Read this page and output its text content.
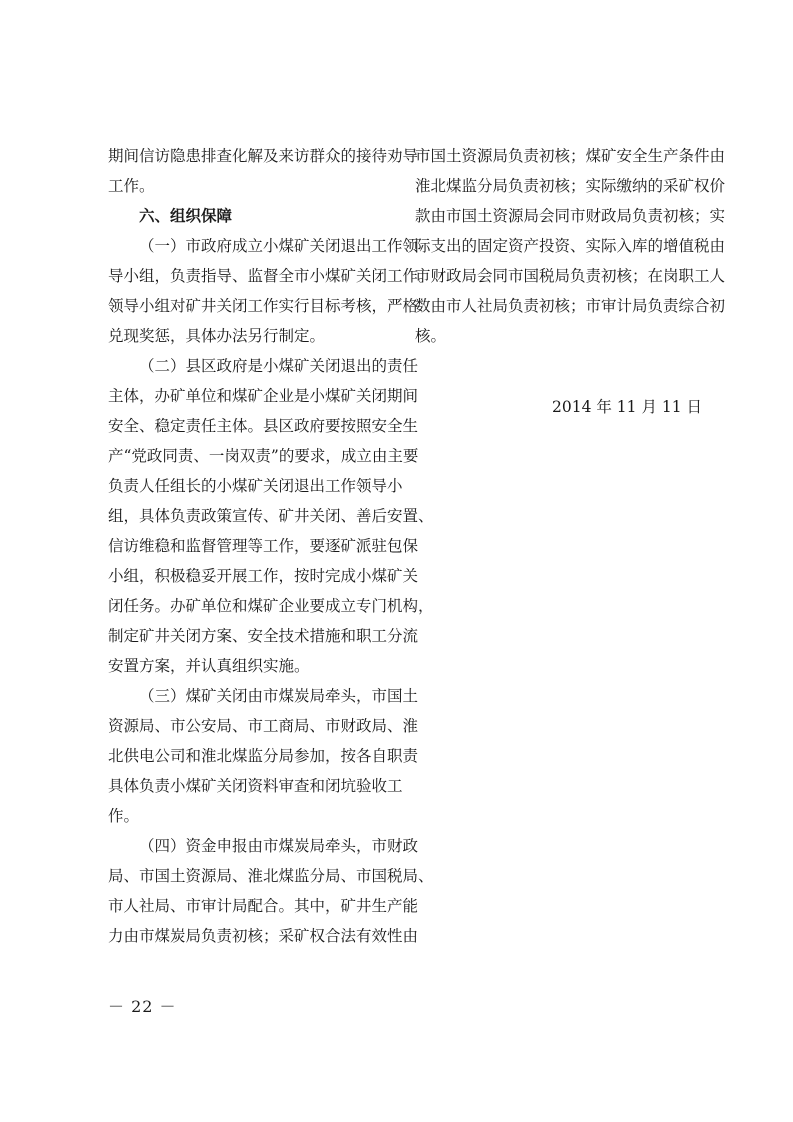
期间信访隐患排查化解及来访群众的接待劝导
工作。
六、组织保障
（一）市政府成立小煤矿关闭退出工作领
导小组，负责指导、监督全市小煤矿关闭工作。
领导小组对矿井关闭工作实行目标考核，严格
兑现奖惩，具体办法另行制定。
（二）县区政府是小煤矿关闭退出的责任
主体，办矿单位和煤矿企业是小煤矿关闭期间
安全、稳定责任主体。县区政府要按照安全生
产“党政同责、一岗双责”的要求，成立由主要
负责人任组长的小煤矿关闭退出工作领导小
组，具体负责政策宣传、矿井关闭、善后安置、
信访维稳和监督管理等工作，要逐矿派驻包保
小组，积极稳妥开展工作，按时完成小煤矿关
闭任务。办矿单位和煤矿企业要成立专门机构，
制定矿井关闭方案、安全技术措施和职工分流
安置方案，并认真组织实施。
（三）煤矿关闭由市煤炭局牵头，市国土
资源局、市公安局、市工商局、市财政局、淮
北供电公司和淮北煤监分局参加，按各自职责
具体负责小煤矿关闭资料审查和闭坑验收工
作。
（四）资金申报由市煤炭局牵头，市财政
局、市国土资源局、淮北煤监分局、市国税局、
市人社局、市审计局配合。其中，矿井生产能
力由市煤炭局负责初核；采矿权合法有效性由
市国土资源局负责初核；煤矿安全生产条件由
淮北煤监分局负责初核；实际缴纳的采矿权价
款由市国土资源局会同市财政局负责初核；实
际支出的固定资产投资、实际入库的增值税由
市财政局会同市国税局负责初核；在岗职工人
数由市人社局负责初核；市审计局负责综合初
核。
2014 年 11 月 11 日
－ 22 －
